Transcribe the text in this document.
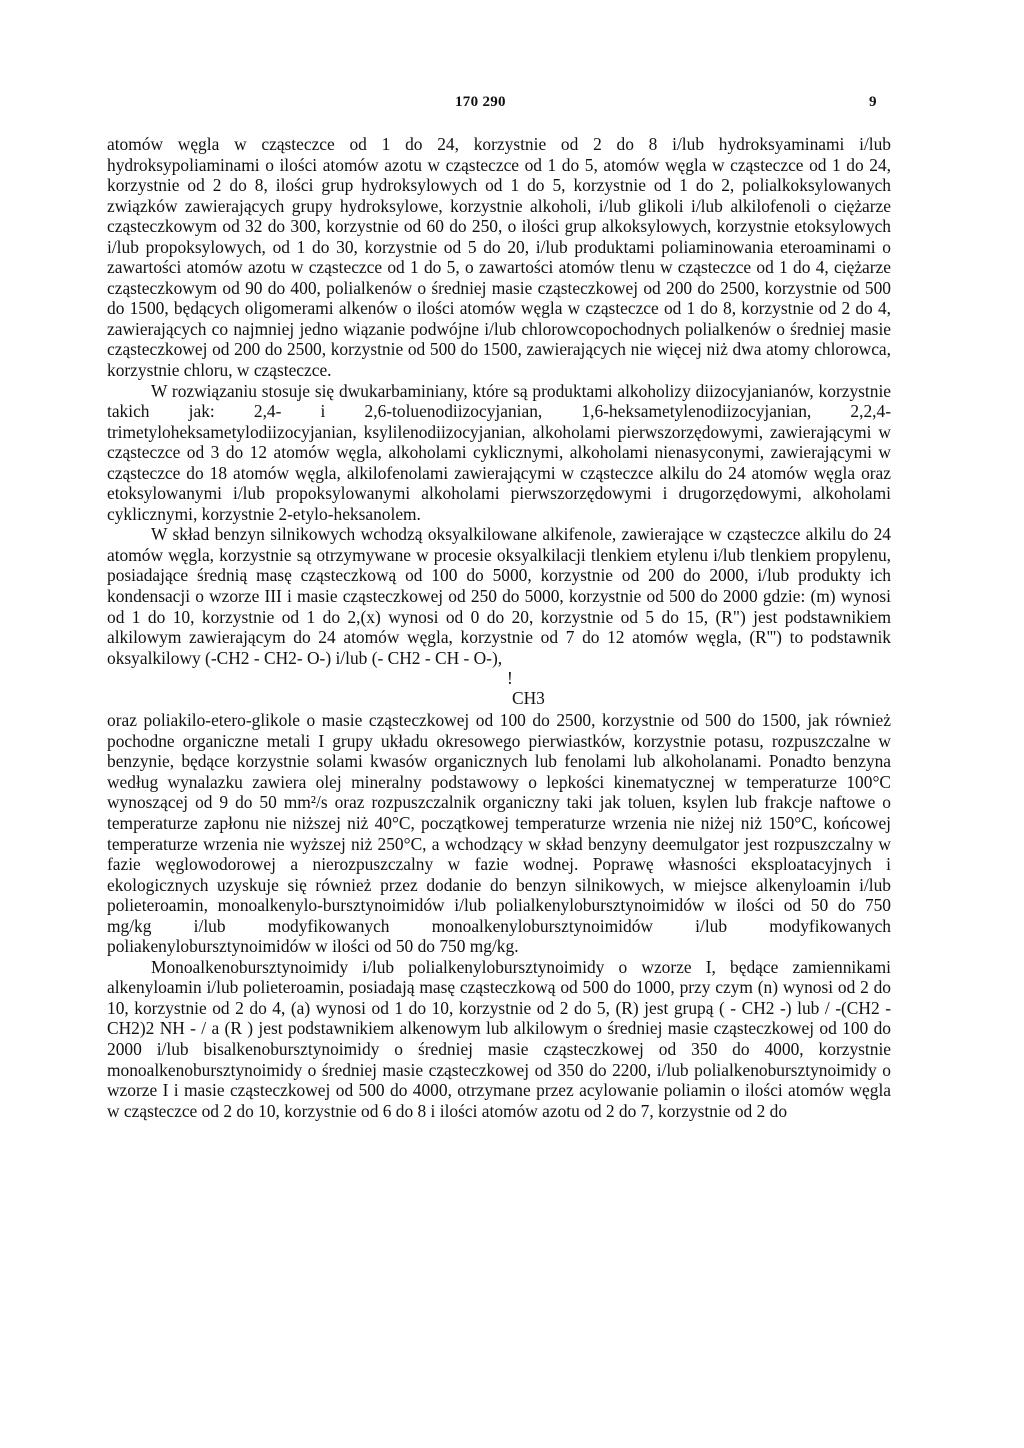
170 290	9

atomów węgla w cząsteczce od 1 do 24, korzystnie od 2 do 8 i/lub hydroksyaminami i/lub hydroksypoliaminami o ilości atomów azotu w cząsteczce od 1 do 5, atomów węgla w cząsteczce od 1 do 24, korzystnie od 2 do 8, ilości grup hydroksylowych od 1 do 5, korzystnie od 1 do 2, polialkoksylowanych związków zawierających grupy hydroksylowe, korzystnie alkoholi, i/lub glikoli i/lub alkilofenoli o ciężarze cząsteczkowym od 32 do 300, korzystnie od 60 do 250, o ilości grup alkoksylowych, korzystnie etoksylowych i/lub propoksylowych, od 1 do 30, korzystnie od 5 do 20, i/lub produktami poliaminowania eteroaminami o zawartości atomów azotu w cząsteczce od 1 do 5, o zawartości atomów tlenu w cząsteczce od 1 do 4, ciężarze cząsteczkowym od 90 do 400, polialkenów o średniej masie cząsteczkowej od 200 do 2500, korzystnie od 500 do 1500, będących oligomerami alkenów o ilości atomów węgla w cząsteczce od 1 do 8, korzystnie od 2 do 4, zawierających co najmniej jedno wiązanie podwójne i/lub chlorowcopochodnych polialkenów o średniej masie cząsteczkowej od 200 do 2500, korzystnie od 500 do 1500, zawierających nie więcej niż dwa atomy chlorowca, korzystnie chloru, w cząsteczce.

W rozwiązaniu stosuje się dwukarbaminiany, które są produktami alkoholizy diizocyjanianów, korzystnie takich jak: 2,4- i 2,6-toluenodiizocyjanian, 1,6-heksametylenodiizocyjanian, 2,2,4-trimetyloheksametylodiizocyjanian, ksylilenodiizocyjanian, alkoholami pierwszorzędowymi, zawierającymi w cząsteczce od 3 do 12 atomów węgla, alkoholami cyklicznymi, alkoholami nienasyconymi, zawierającymi w cząsteczce do 18 atomów węgla, alkilofenolami zawierającymi w cząsteczce alkilu do 24 atomów węgla oraz etoksylowanymi i/lub propoksylowanymi alkoholami pierwszorzędowymi i drugorzędowymi, alkoholami cyklicznymi, korzystnie 2-etylo-heksanolem.

W skład benzyn silnikowych wchodzą oksyalkilowane alkifenole, zawierające w cząsteczce alkilu do 24 atomów węgla, korzystnie są otrzymywane w procesie oksyalkilacji tlenkiem etylenu i/lub tlenkiem propylenu, posiadające średnią masę cząsteczkową od 100 do 5000, korzystnie od 200 do 2000, i/lub produkty ich kondensacji o wzorze III i masie cząsteczkowej od 250 do 5000, korzystnie od 500 do 2000 gdzie: (m) wynosi od 1 do 10, korzystnie od 1 do 2,(x) wynosi od 0 do 20, korzystnie od 5 do 15, (R") jest podstawnikiem alkilowym zawierającym do 24 atomów węgla, korzystnie od 7 do 12 atomów węgla, (R''') to podstawnik oksyalkilowy (-CH2 - CH2- O-) i/lub (- CH2 - CH - O-),

!
CH3

oraz poliakilo-etero-glikole o masie cząsteczkowej od 100 do 2500, korzystnie od 500 do 1500, jak również pochodne organiczne metali I grupy układu okresowego pierwiastków, korzystnie potasu, rozpuszczalne w benzynie, będące korzystnie solami kwasów organicznych lub fenolami lub alkoholanami. Ponadto benzyna według wynalazku zawiera olej mineralny podstawowy o lepkości kinematycznej w temperaturze 100°C wynoszącej od 9 do 50 mm²/s oraz rozpuszczalnik organiczny taki jak toluen, ksylen lub frakcje naftowe o temperaturze zapłonu nie niższej niż 40°C, początkowej temperaturze wrzenia nie niżej niż 150°C, końcowej temperaturze wrzenia nie wyższej niż 250°C, a wchodzący w skład benzyny deemulgator jest rozpuszczalny w fazie węglowodorowej a nierozpuszczalny w fazie wodnej. Poprawę własności eksploatacyjnych i ekologicznych uzyskuje się również przez dodanie do benzyn silnikowych, w miejsce alkenyloamin i/lub polieteroamin, monoalkenylo-bursztynoimidów i/lub polialkenylobursztynoimidów w ilości od 50 do 750 mg/kg i/lub modyfikowanych monoalkenylobursztynoimidów i/lub modyfikowanych poliakenylobursztynoimidów w ilości od 50 do 750 mg/kg.

Monoalkenobursztynoimidy i/lub polialkenylobursztynoimidy o wzorze I, będące zamiennikami alkenyloamin i/lub polieteroamin, posiadają masę cząsteczkową od 500 do 1000, przy czym (n) wynosi od 2 do 10, korzystnie od 2 do 4, (a) wynosi od 1 do 10, korzystnie od 2 do 5, (R) jest grupą ( - CH2 -) lub / -(CH2 - CH2)2 NH - / a (R ) jest podstawnikiem alkenowym lub alkilowym o średniej masie cząsteczkowej od 100 do 2000 i/lub bisalkenobursztynoimidy o średniej masie cząsteczkowej od 350 do 4000, korzystnie monoalkenobursztynoimidy o średniej masie cząsteczkowej od 350 do 2200, i/lub polialkenobursztynoimidy o wzorze I i masie cząsteczkowej od 500 do 4000, otrzymane przez acylowanie poliamin o ilości atomów węgla w cząsteczce od 2 do 10, korzystnie od 6 do 8 i ilości atomów azotu od 2 do 7, korzystnie od 2 do
